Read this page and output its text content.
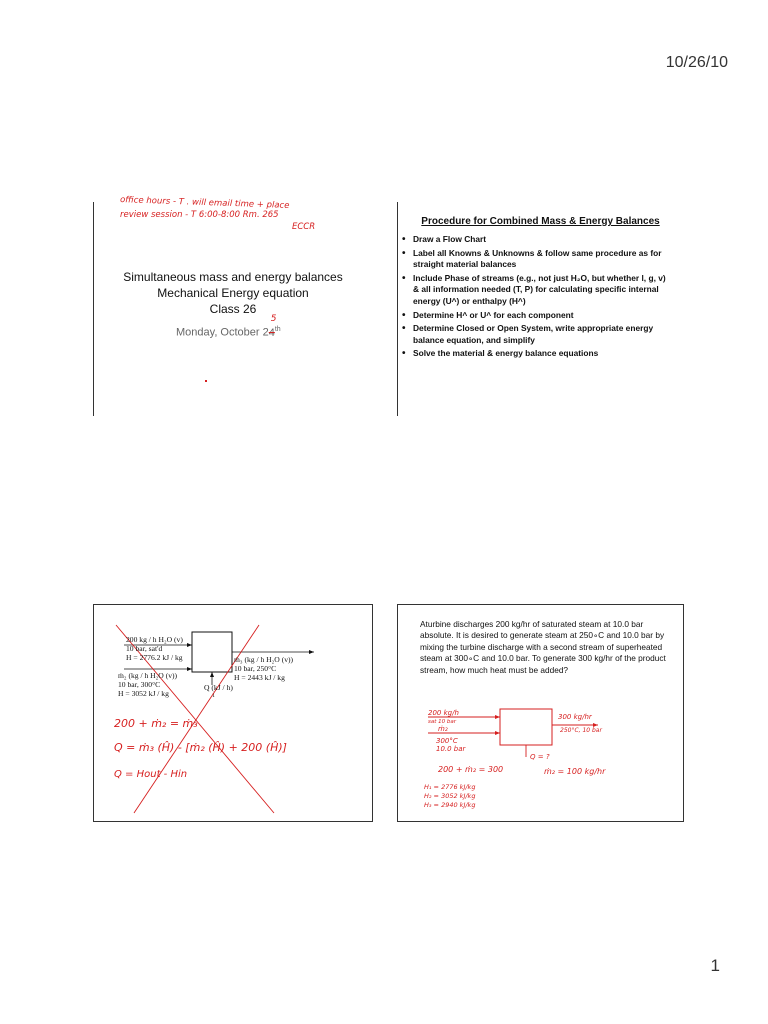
10/26/10
1
office hours - T . will email time + place
review session - T 6:00-8:00 Rm. 265
ECCR
Simultaneous mass and energy balances
Mechanical Energy equation
Class 26
Monday, October 24
5
$^{th}$
Procedure for Combined Mass & Energy Balances
• Draw a Flow Chart
• Label all Knowns & Unknowns & follow same procedure as for straight material balances
• Include Phase of streams (e.g., not just H₂O, but whether l, g, v) & all information needed (T, P) for calculating specific internal energy (U^) or enthalpy (H^)
• Determine H^ or U^ for each component
• Determine Closed or Open System, write appropriate energy balance equation, and simplify
• Solve the material & energy balance equations
1
200 kg / h H₂O (v)
10 bar, sat'd
H = 2776.2 kJ / kg
ṁ₂ (kg / h H₂O (v))
10 bar, 300°C
H = 3052 kJ / kg
ṁ₃ (kg / h H₂O (v))
10 bar, 250°C
H = 2443 kJ / kg
Q (kJ / h)
200 + ṁ₂ = ṁ₃
Q = ṁ₃ (Ĥ) - [ṁ₂ (Ĥ) + 200 (Ĥ)]
Q = Hout - Hin
Aturbine discharges 200 kg/hr of saturated steam at 10.0 bar absolute. It is desired to generate steam at 250∘C and 10.0 bar by mixing the turbine discharge with a second stream of superheated steam at 300∘C and 10.0 bar. To generate 300 kg/hr of the product stream, how much heat must be added?
200 kg/h
sat 10 bar
ṁ₂
300°C
10.0 bar
300 kg/hr
250°C, 10 bar
Q = ?
200 + ṁ₂ = 300	ṁ₂ = 100 kg/hr
H₁ = 2776 kJ/kg
H₂ = 3052 kJ/kg
H₃ = 2940 kJ/kg
